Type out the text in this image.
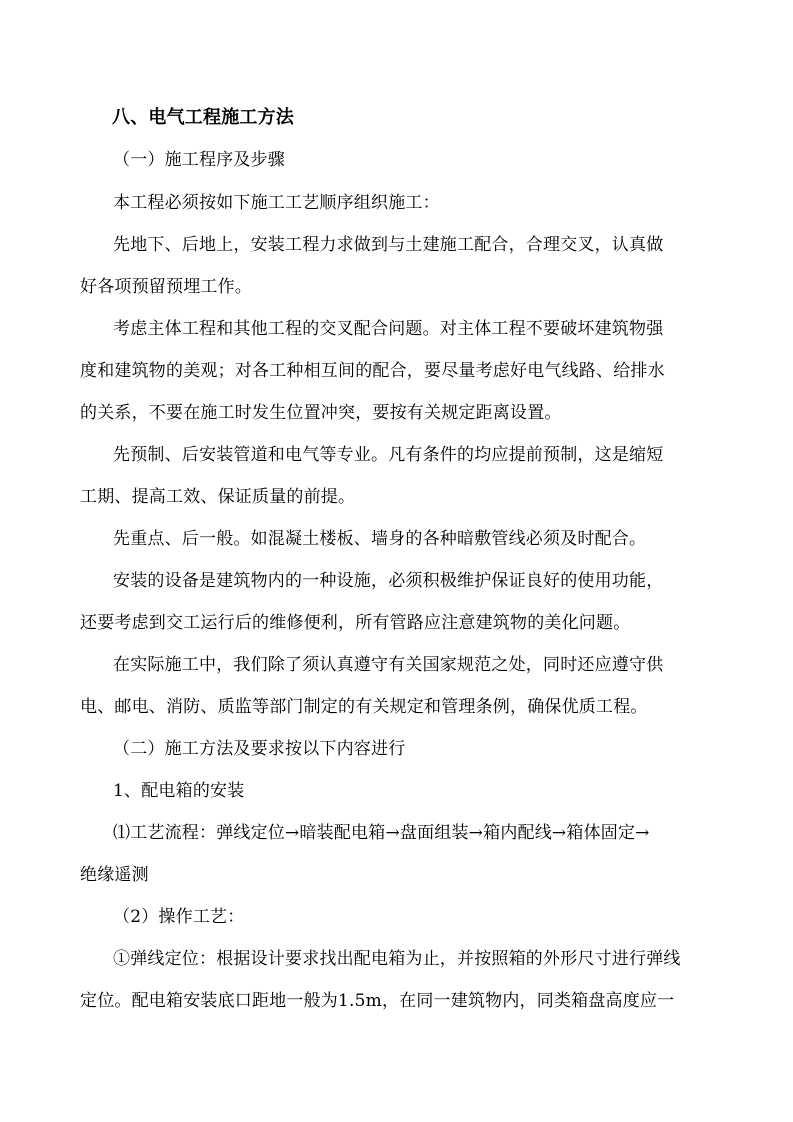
八、电气工程施工方法
（一）施工程序及步骤
本工程必须按如下施工工艺顺序组织施工：
先地下、后地上，安装工程力求做到与土建施工配合，合理交叉，认真做
好各项预留预埋工作。
考虑主体工程和其他工程的交叉配合问题。对主体工程不要破坏建筑物强
度和建筑物的美观；对各工种相互间的配合，要尽量考虑好电气线路、给排水
的关系，不要在施工时发生位置冲突，要按有关规定距离设置。
先预制、后安装管道和电气等专业。凡有条件的均应提前预制，这是缩短
工期、提高工效、保证质量的前提。
先重点、后一般。如混凝土楼板、墙身的各种暗敷管线必须及时配合。
安装的设备是建筑物内的一种设施，必须积极维护保证良好的使用功能，
还要考虑到交工运行后的维修便利，所有管路应注意建筑物的美化问题。
在实际施工中，我们除了须认真遵守有关国家规范之处，同时还应遵守供
电、邮电、消防、质监等部门制定的有关规定和管理条例，确保优质工程。
（二）施工方法及要求按以下内容进行
1、配电箱的安装
⑴工艺流程：弹线定位→暗装配电箱→盘面组装→箱内配线→箱体固定→
绝缘遥测
（2）操作工艺：
①弹线定位：根据设计要求找出配电箱为止，并按照箱的外形尺寸进行弹线
定位。配电箱安装底口距地一般为1.5m，在同一建筑物内，同类箱盘高度应一
